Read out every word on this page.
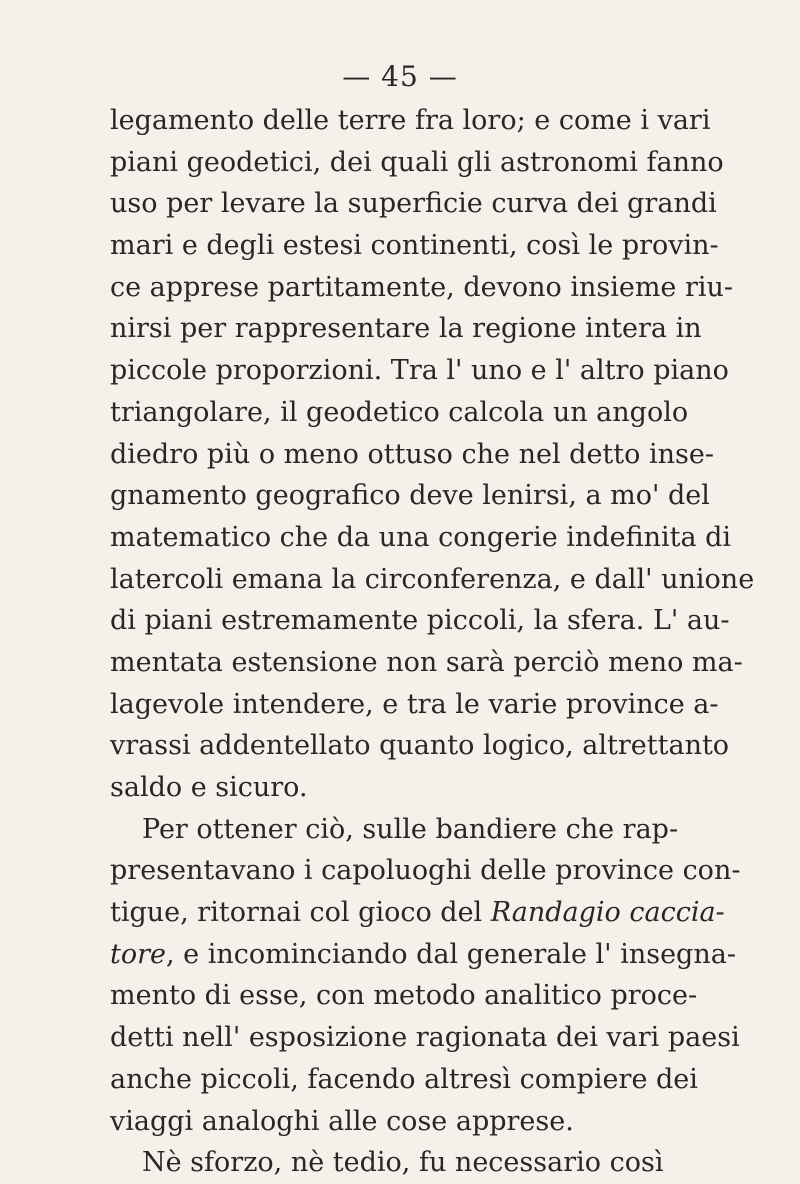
— 45 —
legamento delle terre fra loro; e come i vari
piani geodetici, dei quali gli astronomi fanno
uso per levare la superficie curva dei grandi
mari e degli estesi continenti, così le provin-
ce apprese partitamente, devono insieme riu-
nirsi per rappresentare la regione intera in
piccole proporzioni. Tra l' uno e l' altro piano
triangolare, il geodetico calcola un angolo
diedro più o meno ottuso che nel detto inse-
gnamento geografico deve lenirsi, a mo' del
matematico che da una congerie indefinita di
latercoli emana la circonferenza, e dall' unione
di piani estremamente piccoli, la sfera. L' au-
mentata estensione non sarà perciò meno ma-
lagevole intendere, e tra le varie province a-
vrassi addentellato quanto logico, altrettanto
saldo e sicuro.
Per ottener ciò, sulle bandiere che rap-
presentavano i capoluoghi delle province con-
tigue, ritornai col gioco del Randagio caccia-
tore, e incominciando dal generale l' insegna-
mento di esse, con metodo analitico proce-
detti nell' esposizione ragionata dei vari paesi
anche piccoli, facendo altresì compiere dei
viaggi analoghi alle cose apprese.
Nè sforzo, nè tedio, fu necessario così
